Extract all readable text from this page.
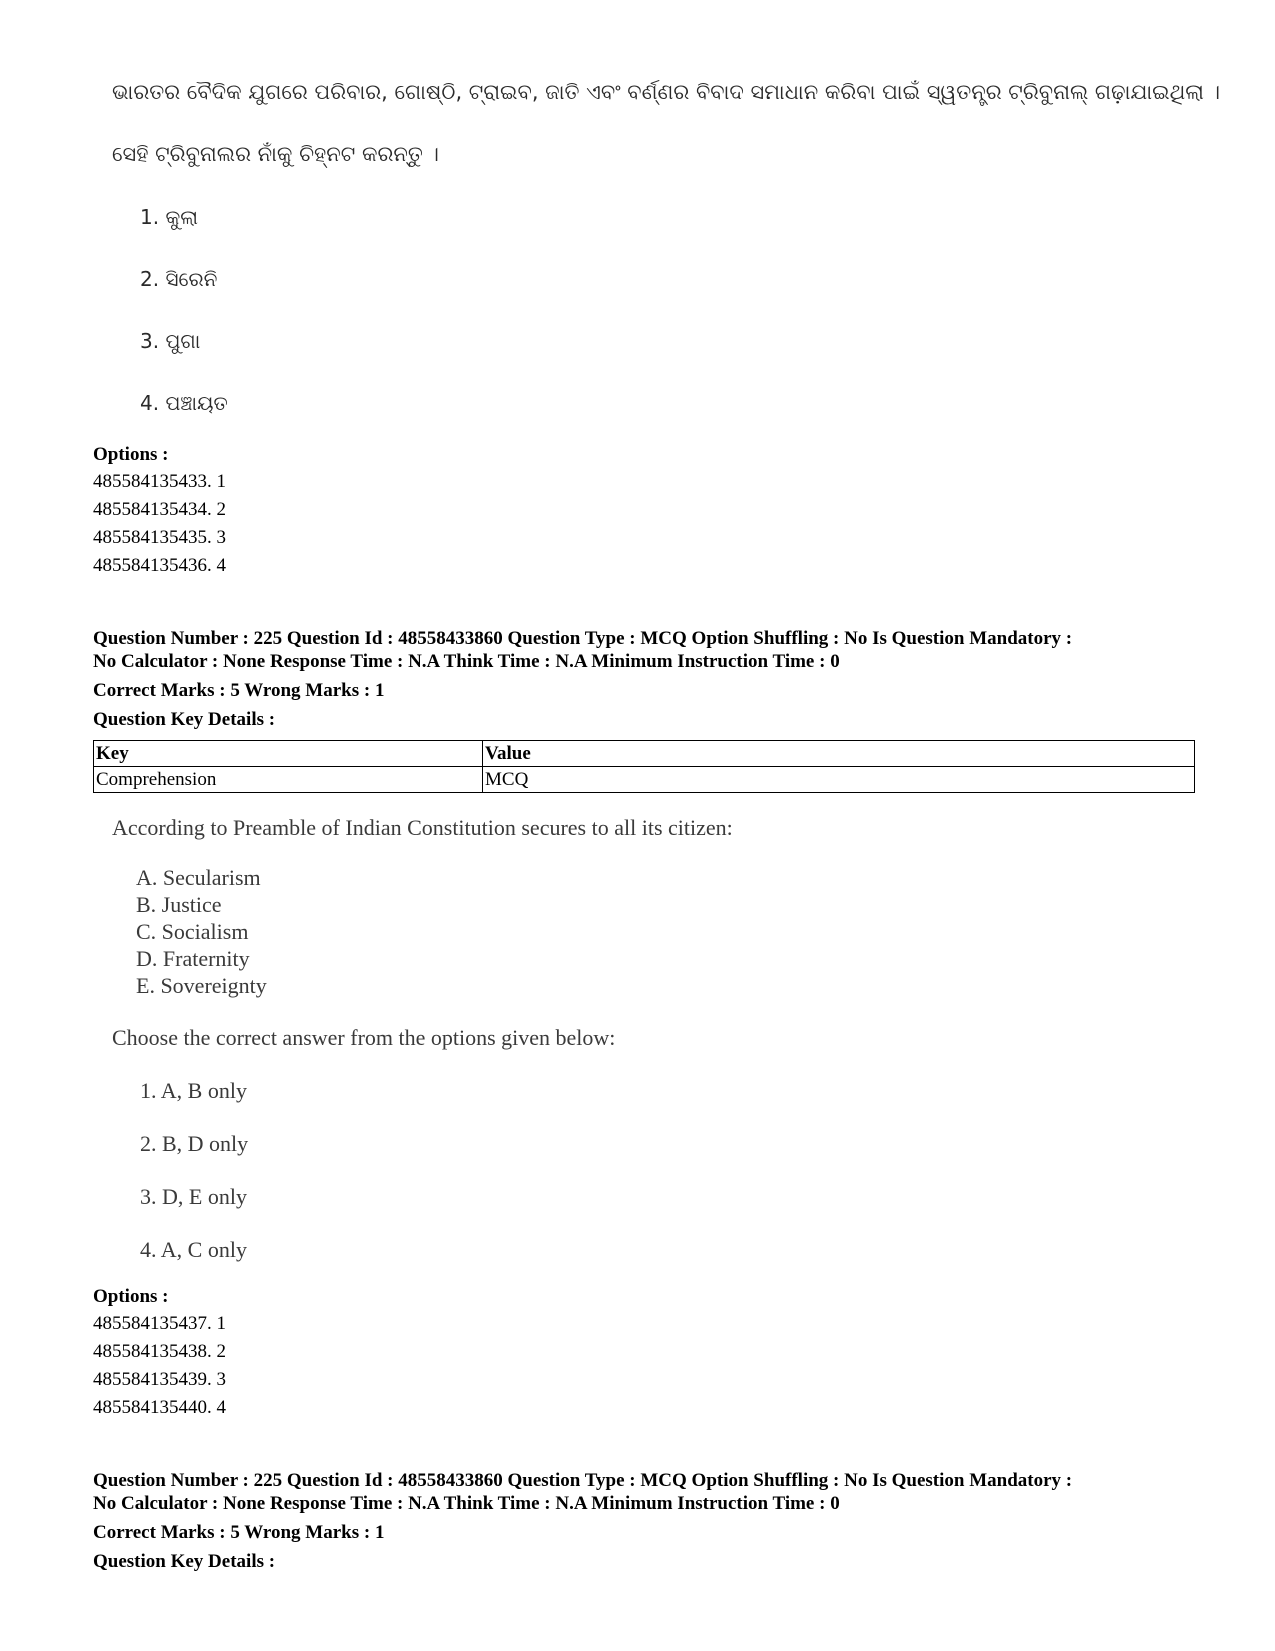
ଭାରତର ବୈଦିକ ଯୁଗରେ ପରିବାର, ଗୋଷ୍ଠି, ଟ୍ରାଇବ, ଜାତି ଏବଂ ବର୍ଣ୍ଣର ବିବାଦ ସମାଧାନ କରିବା ପାଇଁ ସ୍ୱତନ୍ତ୍ର ଟ୍ରିବୁନାଲ୍ ଗଢ଼ାଯାଇଥିଲା ।
ସେହି ଟ୍ରିବୁନାଲର ନାଁକୁ ଚିହ୍ନଟ କରନ୍ତୁ ।
1. କୁଲା
2. ସିରେନି
3. ପୁଗା
4. ପଞ୍ଚାୟତ
Options :
485584135433. 1
485584135434. 2
485584135435. 3
485584135436. 4
Question Number : 225 Question Id : 48558433860 Question Type : MCQ Option Shuffling : No Is Question Mandatory :
No Calculator : None Response Time : N.A Think Time : N.A Minimum Instruction Time : 0
Correct Marks : 5 Wrong Marks : 1
Question Key Details :
Key	Value
Comprehension	MCQ
According to Preamble of Indian Constitution secures to all its citizen:
A. Secularism
B. Justice
C. Socialism
D. Fraternity
E. Sovereignty
Choose the correct answer from the options given below:
1. A, B only
2. B, D only
3. D, E only
4. A, C only
Options :
485584135437. 1
485584135438. 2
485584135439. 3
485584135440. 4
Question Number : 225 Question Id : 48558433860 Question Type : MCQ Option Shuffling : No Is Question Mandatory :
No Calculator : None Response Time : N.A Think Time : N.A Minimum Instruction Time : 0
Correct Marks : 5 Wrong Marks : 1
Question Key Details :
